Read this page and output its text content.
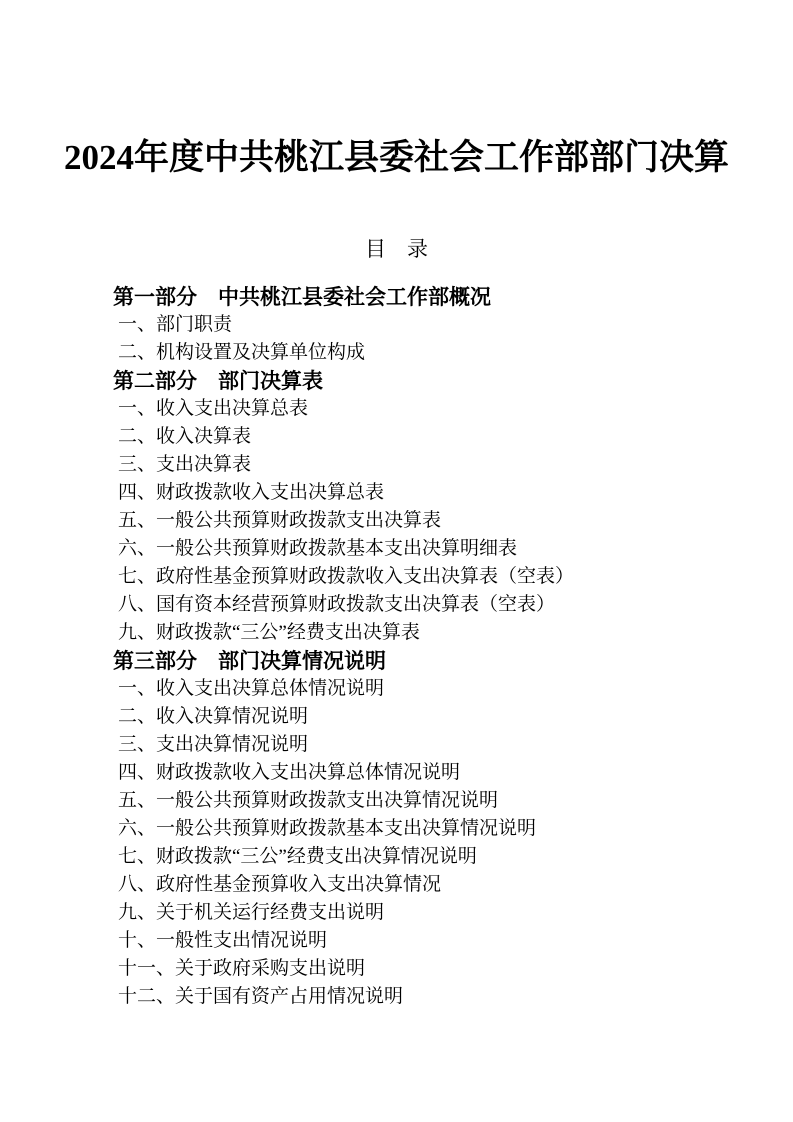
2024年度中共桃江县委社会工作部部门决算
目　录

第一部分　中共桃江县委社会工作部概况

一、部门职责

二、机构设置及决算单位构成

第二部分　部门决算表

一、收入支出决算总表

二、收入决算表

三、支出决算表

四、财政拨款收入支出决算总表

五、一般公共预算财政拨款支出决算表

六、一般公共预算财政拨款基本支出决算明细表

七、政府性基金预算财政拨款收入支出决算表（空表）

八、国有资本经营预算财政拨款支出决算表（空表）

九、财政拨款“三公”经费支出决算表

第三部分　部门决算情况说明

一、收入支出决算总体情况说明

二、收入决算情况说明

三、支出决算情况说明

四、财政拨款收入支出决算总体情况说明

五、一般公共预算财政拨款支出决算情况说明

六、一般公共预算财政拨款基本支出决算情况说明

七、财政拨款“三公”经费支出决算情况说明

八、政府性基金预算收入支出决算情况

九、关于机关运行经费支出说明

十、一般性支出情况说明

十一、关于政府采购支出说明

十二、关于国有资产占用情况说明
